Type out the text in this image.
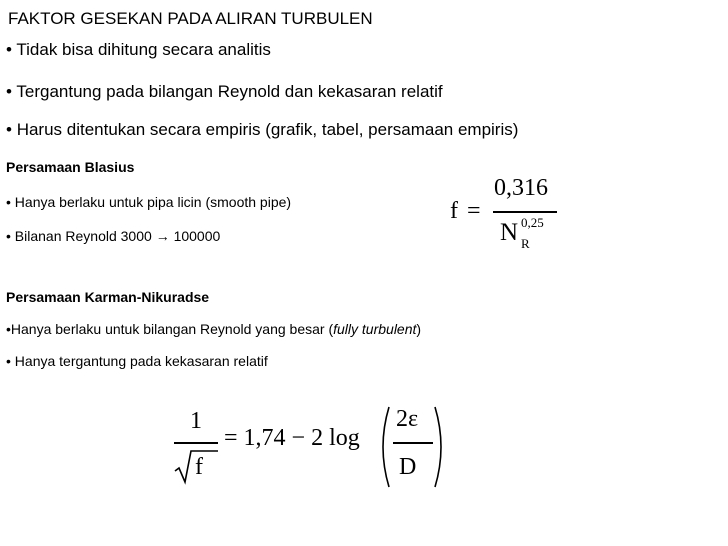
FAKTOR GESEKAN PADA ALIRAN TURBULEN
• Tidak bisa dihitung secara analitis
• Tergantung pada bilangan Reynold dan kekasaran relatif
• Harus ditentukan secara empiris (grafik, tabel, persamaan empiris)
Persamaan Blasius
• Hanya berlaku untuk pipa licin (smooth pipe)
• Bilanan Reynold 3000 → 100000
f =
0,316
N 0,25
R
Persamaan Karman-Nikuradse
•Hanya berlaku untuk bilangan Reynold yang besar (fully turbulent)
• Hanya tergantung pada kekasaran relatif
1
f
= 1,74 − 2 log
2ε
D
